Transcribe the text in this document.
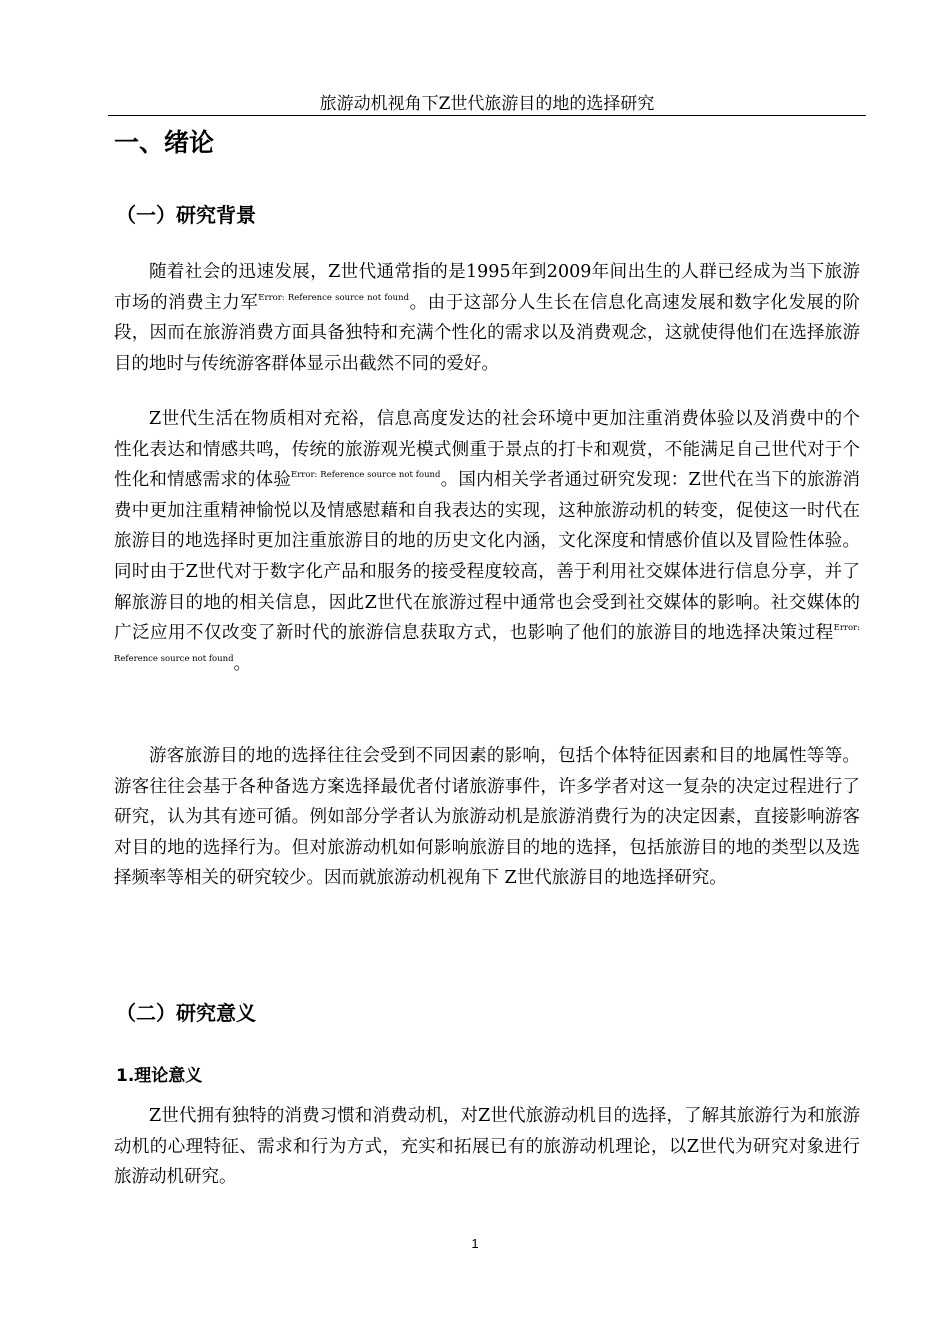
旅游动机视角下Z世代旅游目的地的选择研究
一、绪论
（一）研究背景

随着社会的迅速发展，Z世代通常指的是1995年到2009年间出生的人群已经成为当下旅游市场的消费主力军$^{Error: Reference source not found}$。由于这部分人生长在信息化高速发展和数字化发展的阶段，因而在旅游消费方面具备独特和充满个性化的需求以及消费观念，这就使得他们在选择旅游目的地时与传统游客群体显示出截然不同的爱好。

Z世代生活在物质相对充裕，信息高度发达的社会环境中更加注重消费体验以及消费中的个性化表达和情感共鸣，传统的旅游观光模式侧重于景点的打卡和观赏，不能满足自己世代对于个性化和情感需求的体验$^{Error: Reference source not found}$。国内相关学者通过研究发现：Z世代在当下的旅游消费中更加注重精神愉悦以及情感慰藉和自我表达的实现，这种旅游动机的转变，促使这一时代在旅游目的地选择时更加注重旅游目的地的历史文化内涵，文化深度和情感价值以及冒险性体验。同时由于Z世代对于数字化产品和服务的接受程度较高，善于利用社交媒体进行信息分享，并了解旅游目的地的相关信息，因此Z世代在旅游过程中通常也会受到社交媒体的影响。社交媒体的广泛应用不仅改变了新时代的旅游信息获取方式，也影响了他们的旅游目的地选择决策过程$^{Error: Reference source not found}$。

游客旅游目的地的选择往往会受到不同因素的影响，包括个体特征因素和目的地属性等等。游客往往会基于各种备选方案选择最优者付诸旅游事件，许多学者对这一复杂的决定过程进行了研究，认为其有迹可循。例如部分学者认为旅游动机是旅游消费行为的决定因素，直接影响游客对目的地的选择行为。但对旅游动机如何影响旅游目的地的选择，包括旅游目的地的类型以及选择频率等相关的研究较少。因而就旅游动机视角下 Z世代旅游目的地选择研究。

（二）研究意义
1.理论意义

Z世代拥有独特的消费习惯和消费动机，对Z世代旅游动机目的选择，了解其旅游行为和旅游动机的心理特征、需求和行为方式，充实和拓展已有的旅游动机理论，以Z世代为研究对象进行旅游动机研究。

1
